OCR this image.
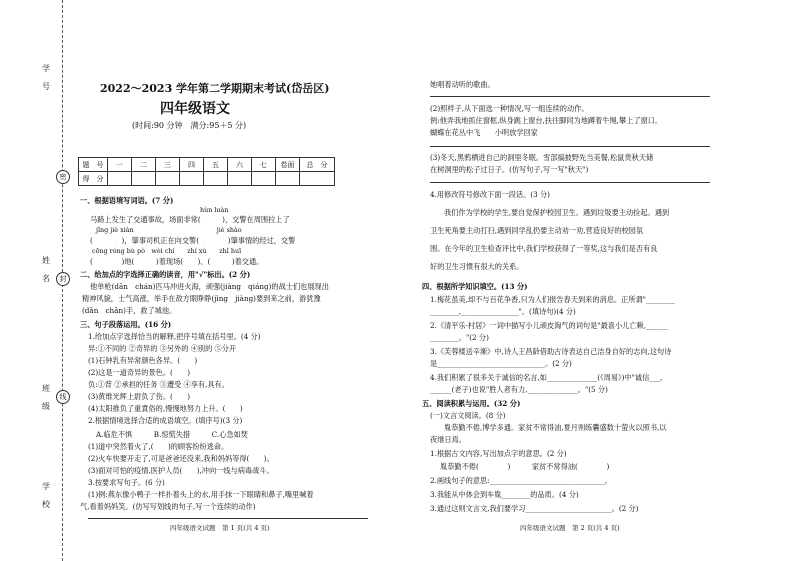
学号
姓名
班级
学校
密
封
线
2022～2023 学年第二学期期末考试(岱岳区)
四年级语文
(时间:90 分钟　满分:95＋5 分)
题　号	一	二	三	四	五	六	七	卷面	总　分
得　分									
一、根据语境写词语。(7 分)
hùn luàn
马路上发生了交通事故，场面非常(　　　)，交警在周围拉上了
jǐng jiè xiàn　　　　　　　　　　　　　jiè shào
(　　　　)，肇事司机正在向交警(　　　　)肇事情的经过，交警
cōng róng bù pò　wèi chí　　zhí xù　　zhǐ huī
(　　　　)地(　　　)着现场(　　)、(　　　)着交通。
二、给加点的字选择正确的读音，用"√"标出。(2 分)
他单枪(dān　chán)匹马冲进火海，顽强(jiàng　qiáng)的战士们也展现出
精神风貌，士气高涨，举手在敌方眼睁睁(jìng　jiàng)要到来之前，游犹豫
(dǎn　chǎn)手，救了城池。
三、句子段落运用。(16 分)
1.给加点字选择恰当的解释,把序号填在括号里。(4 分)
异:①不同的 ②奇异的 ③另外的 ④别的 ⑤分开
(1)石钟乳有异常颜色各异。(　　)
(2)这是一道奇异的景色。(　　)
负:①背 ②承担的任务 ③遭受 ④享有,具有。
(3)黄维光辉上尉负了伤。(　　)
(4)太阳推负了重責俗的,慢慢地努力上升。(　　)
2.根据情境选择合适的成语填空。(填序号)(3 分)
A.临危不惧　　　B.惊慌失措　　　C.心急如焚
(1)道中突然着火了,(　　)的顾客纷纷逃命。
(2)火车快要开走了,可是爸爸还没来,我和妈妈等得(　　)。
(3)面对可怕的疫情,医护人员(　　),冲向一线与病毒战斗。
3.按要求写句子。(6 分)
(1)例:燕东像小鸭子一样扑着头上的水,用手抹一下眼睛和鼻子,嘴里喊着
气,看着妈妈笑。(仿写写划线的句子,写一个连续的动作)
四年级语文试题　第 1 页(共 4 页)
她唱着动听的歌曲。
(2)照样子,从下面选一种情况,写一组连续的动作。
例:他弄我地抓住窗框,纵身跳上窗台,扶往脚同为地蹲着牛绳,攀上了窗口。
蝴蝶在花丛中飞　　小明放学回家
(3)冬天,黑鸦栖进自己的洞里冬眠。雪部搞披野先当美餐,松鼠贵秋天储
在树洞里的松子过日子。(仿写句子,写一写"秋天")
4.用修改符号修改下面一段话。(3 分)
我们作为学校的学生,要自觉保护校园卫生。遇到垃圾要主动捡起。遇到
卫生死角要主动打扫,遇到同学乱扔要主动劝一劝,营造良好的校园氛
围。在今年的卫生检查评比中,我们学校获得了一等奖,这与我们是否有良
好的卫生习惯有很大的关系。
四、根据所学知识填空。(13 分)
1.梅花虽美,却不与百花争香,只为人们报告春天到来的消息。正所谓"________
________,________________"。(填诗句)(4 分)
2.《清平乐·村居》一词中描写小儿顽皮淘气的词句是"最喜小儿亡赖,______
________。"(2 分)
3.《芙蓉楼送辛渐》中,诗人王昌龄借助古诗表达自己洁身自好的志向,这句诗
是______________________________。(2 分)
4.我们积累了很多关于诚信的名言,如______________(《周易》)中"诚信___,
______(老子)也说"胜人者有力,______________。"(5 分)
五、阅读积累与运用。(32 分)
(一)文言文阅读。(8 分)
胤恭勤不倦,博学多通。家贫不常得油,夏月则练囊盛数十萤火以照书,以
夜继日焉。
1.根据古文内容,写出加点字的意思。(2 分)
胤恭勤不倦(　　　　)　　　家贫不常得油(　　　　)
2.画线句子的意思:________________________________。
3.我能从中体会到车胤________的品质。(4 分)
3.通过这则文言文,我们要学习________________________。(2 分)
四年级语文试题　第 2 页(共 4 页)
